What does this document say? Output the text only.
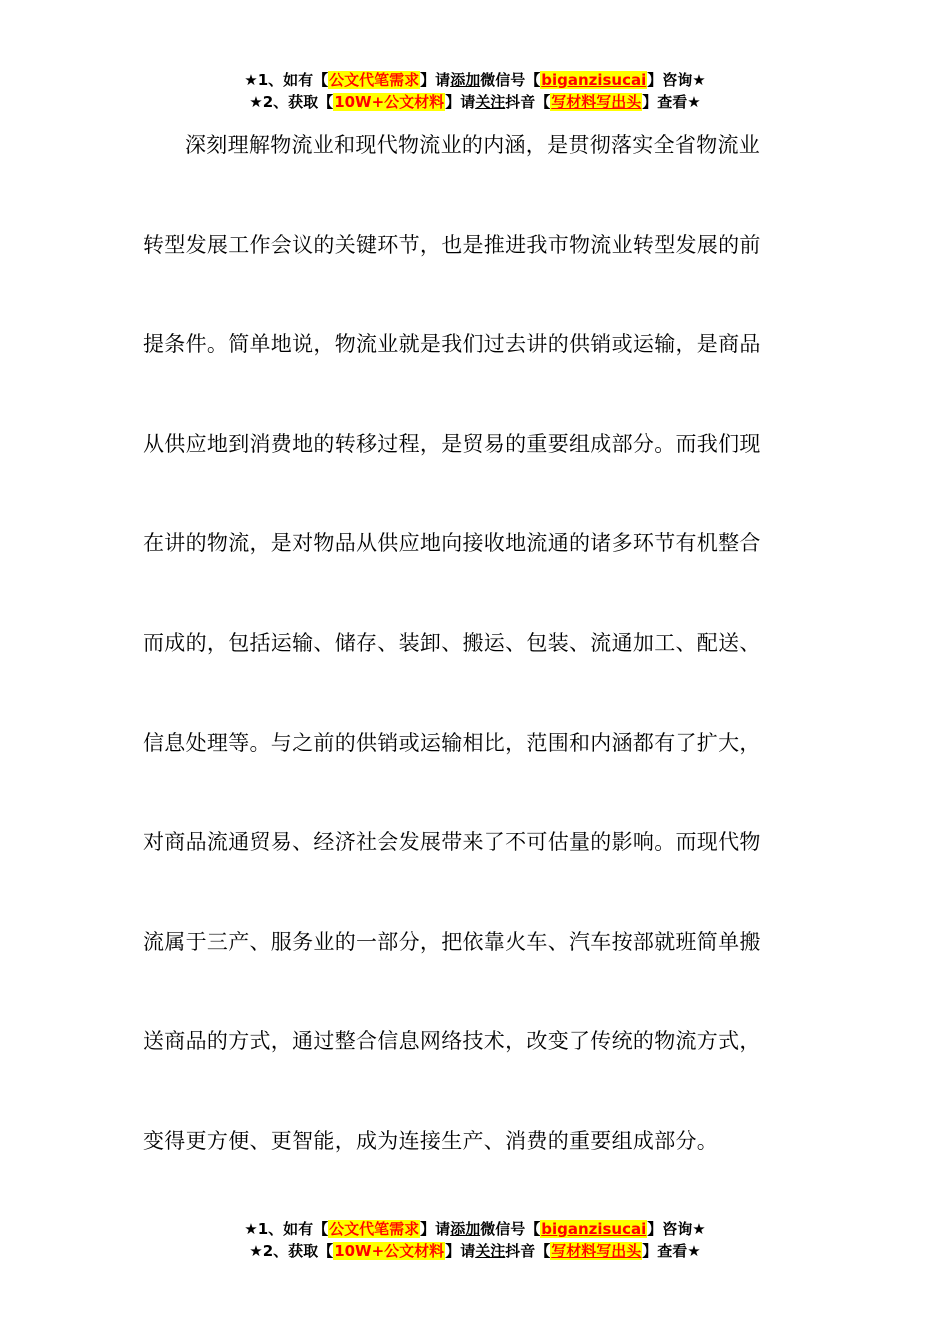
★1、如有【公文代笔需求】请添加微信号【biganzisucai】咨询★
★2、获取【10W+公文材料】请关注抖音【写材料写出头】查看★
深刻理解物流业和现代物流业的内涵，是贯彻落实全省物流业
转型发展工作会议的关键环节，也是推进我市物流业转型发展的前
提条件。简单地说，物流业就是我们过去讲的供销或运输，是商品
从供应地到消费地的转移过程，是贸易的重要组成部分。而我们现
在讲的物流，是对物品从供应地向接收地流通的诸多环节有机整合
而成的，包括运输、储存、装卸、搬运、包装、流通加工、配送、
信息处理等。与之前的供销或运输相比，范围和内涵都有了扩大，
对商品流通贸易、经济社会发展带来了不可估量的影响。而现代物
流属于三产、服务业的一部分，把依靠火车、汽车按部就班简单搬
送商品的方式，通过整合信息网络技术，改变了传统的物流方式，
变得更方便、更智能，成为连接生产、消费的重要组成部分。
★1、如有【公文代笔需求】请添加微信号【biganzisucai】咨询★
★2、获取【10W+公文材料】请关注抖音【写材料写出头】查看★
